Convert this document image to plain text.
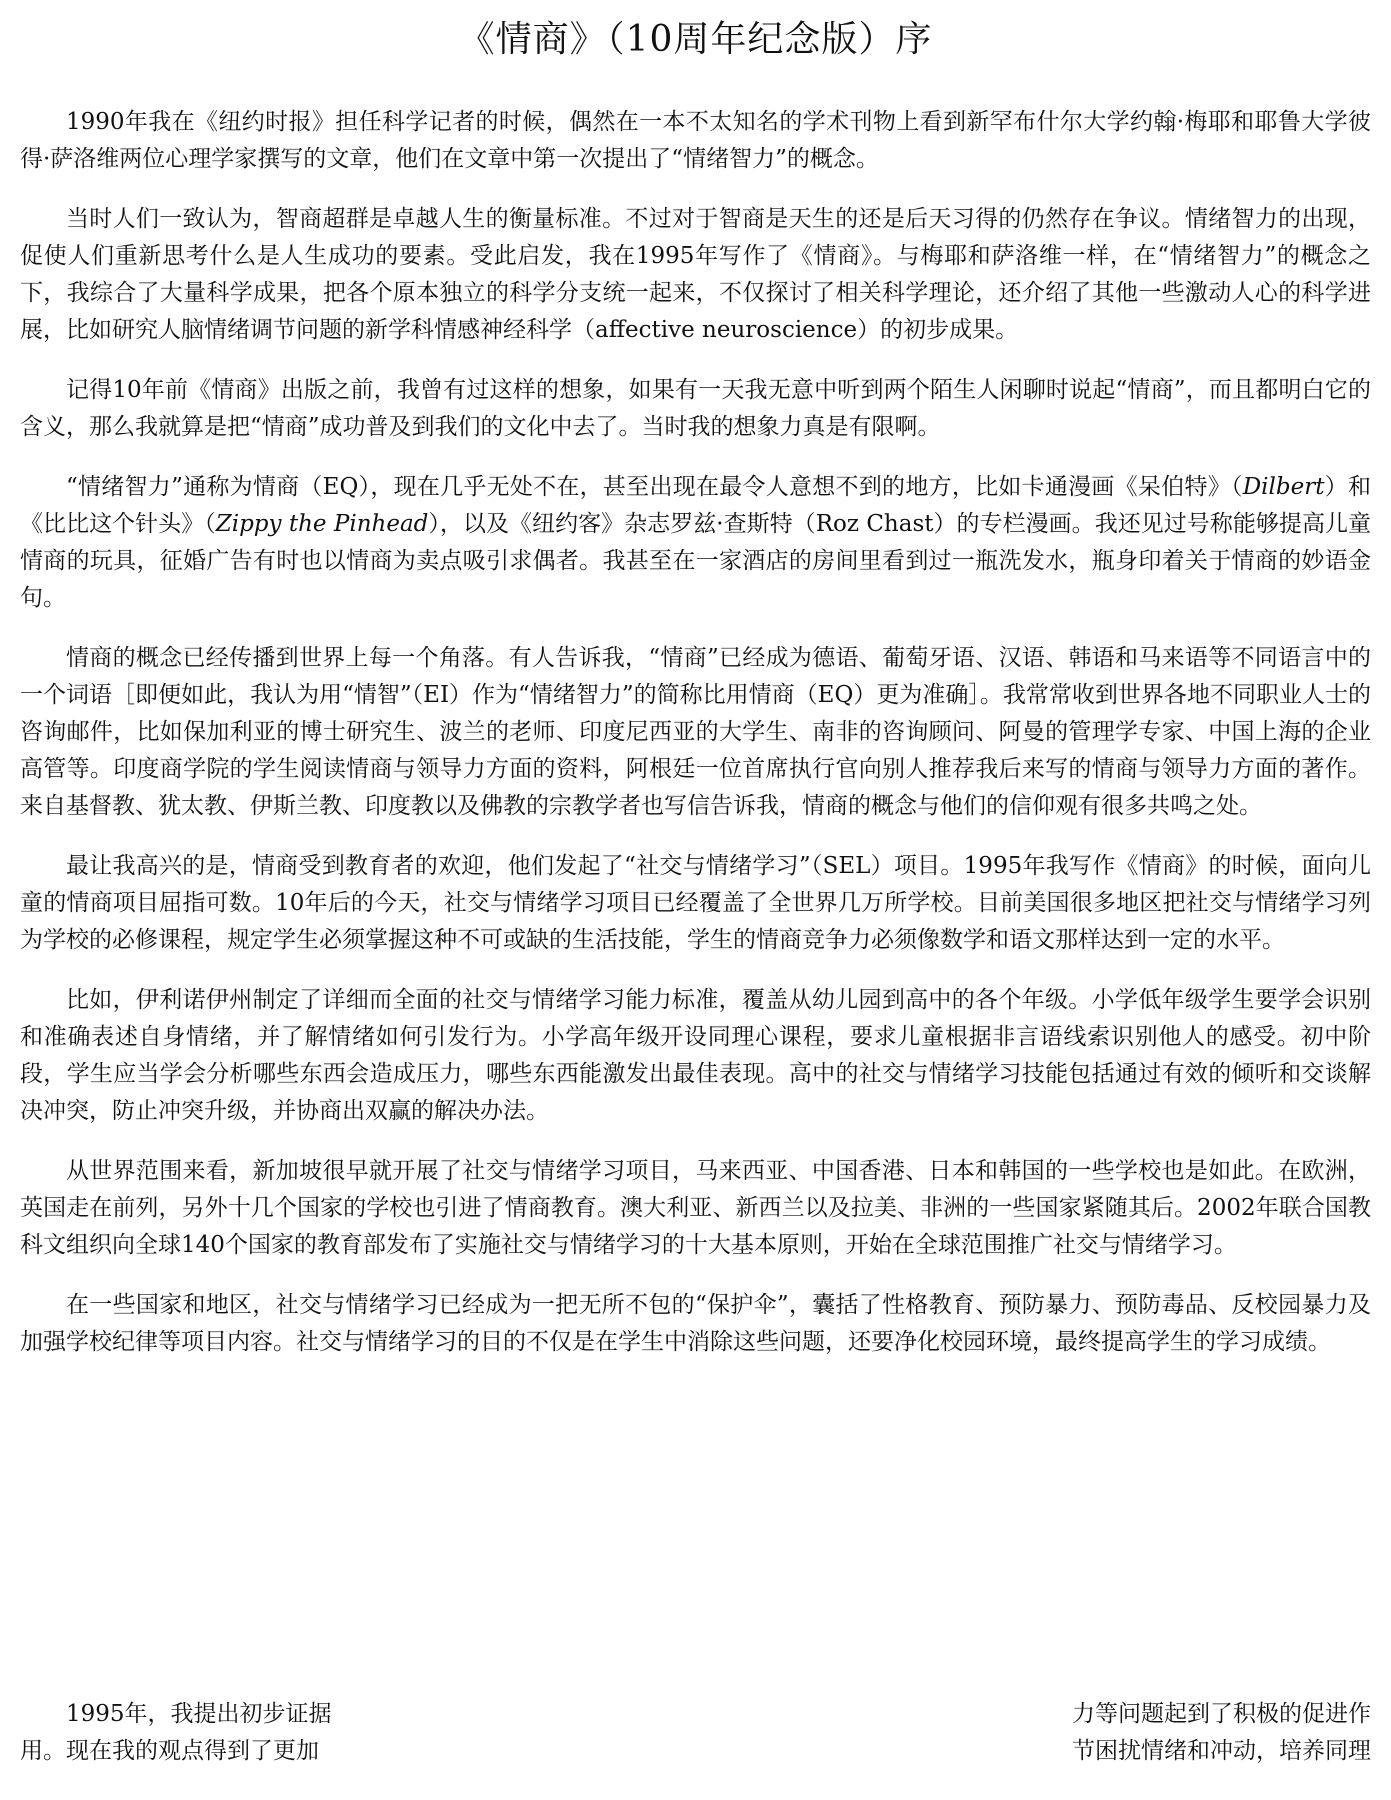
《情商》（10周年纪念版）序

1990年我在《纽约时报》担任科学记者的时候，偶然在一本不太知名的学术刊物上看到新罕布什尔大学约翰·梅耶和耶鲁大学彼得·萨洛维两位心理学家撰写的文章，他们在文章中第一次提出了“情绪智力”的概念。

当时人们一致认为，智商超群是卓越人生的衡量标准。不过对于智商是天生的还是后天习得的仍然存在争议。情绪智力的出现，促使人们重新思考什么是人生成功的要素。受此启发，我在1995年写作了《情商》。与梅耶和萨洛维一样，在“情绪智力”的概念之下，我综合了大量科学成果，把各个原本独立的科学分支统一起来，不仅探讨了相关科学理论，还介绍了其他一些激动人心的科学进展，比如研究人脑情绪调节问题的新学科情感神经科学（affective neuroscience）的初步成果。

记得10年前《情商》出版之前，我曾有过这样的想象，如果有一天我无意中听到两个陌生人闲聊时说起“情商”，而且都明白它的含义，那么我就算是把“情商”成功普及到我们的文化中去了。当时我的想象力真是有限啊。

“情绪智力”通称为情商（EQ），现在几乎无处不在，甚至出现在最令人意想不到的地方，比如卡通漫画《呆伯特》（Dilbert）和《比比这个针头》（Zippy the Pinhead），以及《纽约客》杂志罗兹·查斯特（Roz Chast）的专栏漫画。我还见过号称能够提高儿童情商的玩具，征婚广告有时也以情商为卖点吸引求偶者。我甚至在一家酒店的房间里看到过一瓶洗发水，瓶身印着关于情商的妙语金句。

情商的概念已经传播到世界上每一个角落。有人告诉我，“情商”已经成为德语、葡萄牙语、汉语、韩语和马来语等不同语言中的一个词语［即便如此，我认为用“情智”（EI）作为“情绪智力”的简称比用情商（EQ）更为准确］。我常常收到世界各地不同职业人士的咨询邮件，比如保加利亚的博士研究生、波兰的老师、印度尼西亚的大学生、南非的咨询顾问、阿曼的管理学专家、中国上海的企业高管等。印度商学院的学生阅读情商与领导力方面的资料，阿根廷一位首席执行官向别人推荐我后来写的情商与领导力方面的著作。来自基督教、犹太教、伊斯兰教、印度教以及佛教的宗教学者也写信告诉我，情商的概念与他们的信仰观有很多共鸣之处。

最让我高兴的是，情商受到教育者的欢迎，他们发起了“社交与情绪学习”（SEL）项目。1995年我写作《情商》的时候，面向儿童的情商项目屈指可数。10年后的今天，社交与情绪学习项目已经覆盖了全世界几万所学校。目前美国很多地区把社交与情绪学习列为学校的必修课程，规定学生必须掌握这种不可或缺的生活技能，学生的情商竞争力必须像数学和语文那样达到一定的水平。

比如，伊利诺伊州制定了详细而全面的社交与情绪学习能力标准，覆盖从幼儿园到高中的各个年级。小学低年级学生要学会识别和准确表述自身情绪，并了解情绪如何引发行为。小学高年级开设同理心课程，要求儿童根据非言语线索识别他人的感受。初中阶段，学生应当学会分析哪些东西会造成压力，哪些东西能激发出最佳表现。高中的社交与情绪学习技能包括通过有效的倾听和交谈解决冲突，防止冲突升级，并协商出双赢的解决办法。

从世界范围来看，新加坡很早就开展了社交与情绪学习项目，马来西亚、中国香港、日本和韩国的一些学校也是如此。在欧洲，英国走在前列，另外十几个国家的学校也引进了情商教育。澳大利亚、新西兰以及拉美、非洲的一些国家紧随其后。2002年联合国教科文组织向全球140个国家的教育部发布了实施社交与情绪学习的十大基本原则，开始在全球范围推广社交与情绪学习。

在一些国家和地区，社交与情绪学习已经成为一把无所不包的“保护伞”，囊括了性格教育、预防暴力、预防毒品、反校园暴力及加强学校纪律等项目内容。社交与情绪学习的目的不仅是在学生中消除这些问题，还要净化校园环境，最终提高学生的学习成绩。

1995年，我提出初步证据
用。现在我的观点得到了更加
力等问题起到了积极的促进作
节困扰情绪和冲动，培养同理
